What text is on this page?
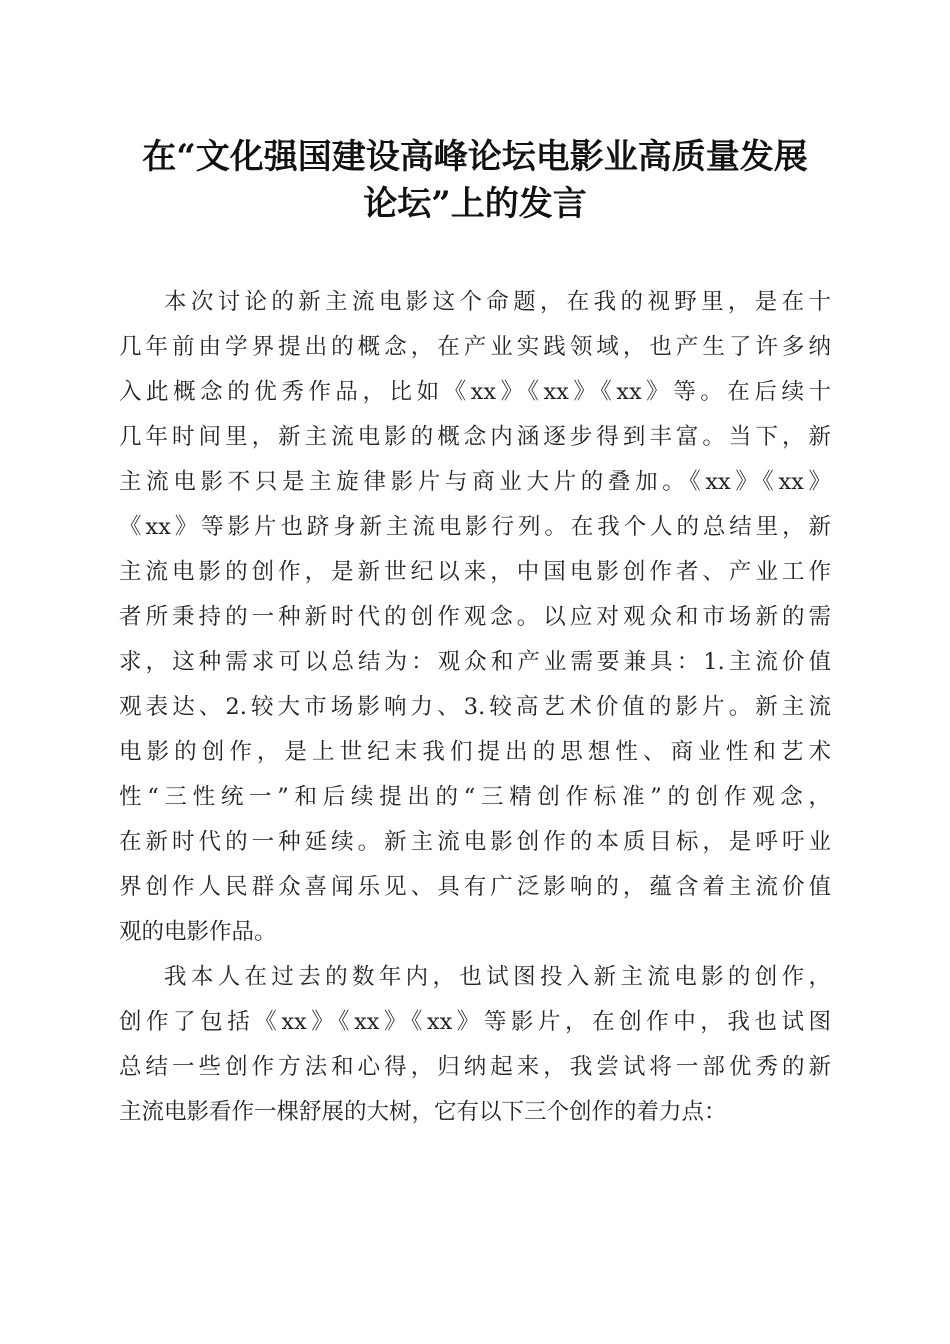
在“文化强国建设高峰论坛电影业高质量发展
论坛”上的发言
本次讨论的新主流电影这个命题，在我的视野里，是在十
几年前由学界提出的概念，在产业实践领域，也产生了许多纳
入此概念的优秀作品，比如《xx》《xx》《xx》等。在后续十
几年时间里，新主流电影的概念内涵逐步得到丰富。当下，新
主流电影不只是主旋律影片与商业大片的叠加。《xx》《xx》
《xx》等影片也跻身新主流电影行列。在我个人的总结里，新
主流电影的创作，是新世纪以来，中国电影创作者、产业工作
者所秉持的一种新时代的创作观念。以应对观众和市场新的需
求，这种需求可以总结为：观众和产业需要兼具：1.主流价值
观表达、2.较大市场影响力、3.较高艺术价值的影片。新主流
电影的创作，是上世纪末我们提出的思想性、商业性和艺术
性“三性统一”和后续提出的“三精创作标准”的创作观念，
在新时代的一种延续。新主流电影创作的本质目标，是呼吁业
界创作人民群众喜闻乐见、具有广泛影响的，蕴含着主流价值
观的电影作品。
我本人在过去的数年内，也试图投入新主流电影的创作，
创作了包括《xx》《xx》《xx》等影片，在创作中，我也试图
总结一些创作方法和心得，归纳起来，我尝试将一部优秀的新
主流电影看作一棵舒展的大树，它有以下三个创作的着力点：
